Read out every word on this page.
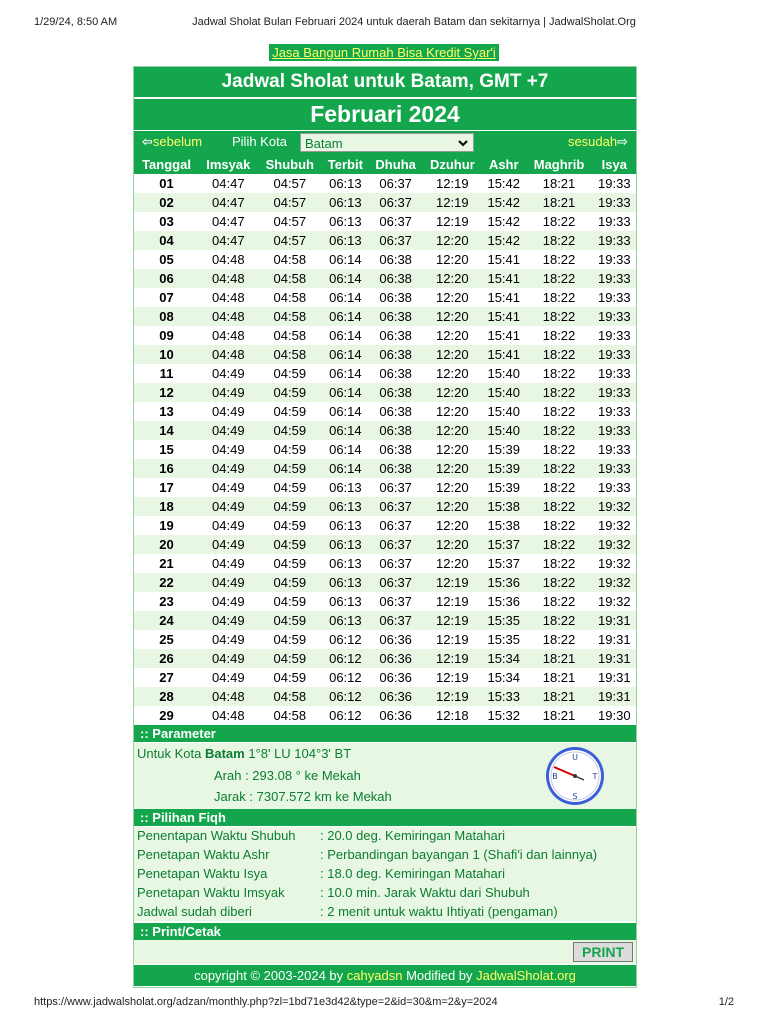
1/29/24, 8:50 AM	Jadwal Sholat Bulan Februari 2024 untuk daerah Batam dan sekitarnya | JadwalSholat.Org
Jasa Bangun Rumah Bisa Kredit Syar'i
Jadwal Sholat untuk Batam, GMT +7
Februari 2024
⇦sebelum Pilih Kota	Batam	sesudah⇨
Tanggal	Imsyak	Shubuh	Terbit	Dhuha	Dzuhur	Ashr	Maghrib	Isya
01	04:47	04:57	06:13	06:37	12:19	15:42	18:21	19:33
02	04:47	04:57	06:13	06:37	12:19	15:42	18:21	19:33
03	04:47	04:57	06:13	06:37	12:19	15:42	18:22	19:33
04	04:47	04:57	06:13	06:37	12:20	15:42	18:22	19:33
05	04:48	04:58	06:14	06:38	12:20	15:41	18:22	19:33
06	04:48	04:58	06:14	06:38	12:20	15:41	18:22	19:33
07	04:48	04:58	06:14	06:38	12:20	15:41	18:22	19:33
08	04:48	04:58	06:14	06:38	12:20	15:41	18:22	19:33
09	04:48	04:58	06:14	06:38	12:20	15:41	18:22	19:33
10	04:48	04:58	06:14	06:38	12:20	15:41	18:22	19:33
11	04:49	04:59	06:14	06:38	12:20	15:40	18:22	19:33
12	04:49	04:59	06:14	06:38	12:20	15:40	18:22	19:33
13	04:49	04:59	06:14	06:38	12:20	15:40	18:22	19:33
14	04:49	04:59	06:14	06:38	12:20	15:40	18:22	19:33
15	04:49	04:59	06:14	06:38	12:20	15:39	18:22	19:33
16	04:49	04:59	06:14	06:38	12:20	15:39	18:22	19:33
17	04:49	04:59	06:13	06:37	12:20	15:39	18:22	19:33
18	04:49	04:59	06:13	06:37	12:20	15:38	18:22	19:32
19	04:49	04:59	06:13	06:37	12:20	15:38	18:22	19:32
20	04:49	04:59	06:13	06:37	12:20	15:37	18:22	19:32
21	04:49	04:59	06:13	06:37	12:20	15:37	18:22	19:32
22	04:49	04:59	06:13	06:37	12:19	15:36	18:22	19:32
23	04:49	04:59	06:13	06:37	12:19	15:36	18:22	19:32
24	04:49	04:59	06:13	06:37	12:19	15:35	18:22	19:31
25	04:49	04:59	06:12	06:36	12:19	15:35	18:22	19:31
26	04:49	04:59	06:12	06:36	12:19	15:34	18:21	19:31
27	04:49	04:59	06:12	06:36	12:19	15:34	18:21	19:31
28	04:48	04:58	06:12	06:36	12:19	15:33	18:21	19:31
29	04:48	04:58	06:12	06:36	12:18	15:32	18:21	19:30
:: Parameter
Untuk Kota Batam 1°8' LU 104°3' BT
Arah : 293.08 ° ke Mekah
Jarak : 7307.572 km ke Mekah
U
S
T
B
:: Pilihan Fiqh
Penentapan Waktu Shubuh : 20.0 deg. Kemiringan Matahari
Penetapan Waktu Ashr	: Perbandingan bayangan 1 (Shafi'i dan lainnya)
Penetapan Waktu Isya	: 18.0 deg. Kemiringan Matahari
Penetapan Waktu Imsyak	: 10.0 min. Jarak Waktu dari Shubuh
Jadwal sudah diberi	: 2 menit untuk waktu Ihtiyati (pengaman)
:: Print/Cetak
PRINT
copyright © 2003-2024 by cahyadsn Modified by JadwalSholat.org
https://www.jadwalsholat.org/adzan/monthly.php?zl=1bd71e3d42&type=2&id=30&m=2&y=2024	1/2
